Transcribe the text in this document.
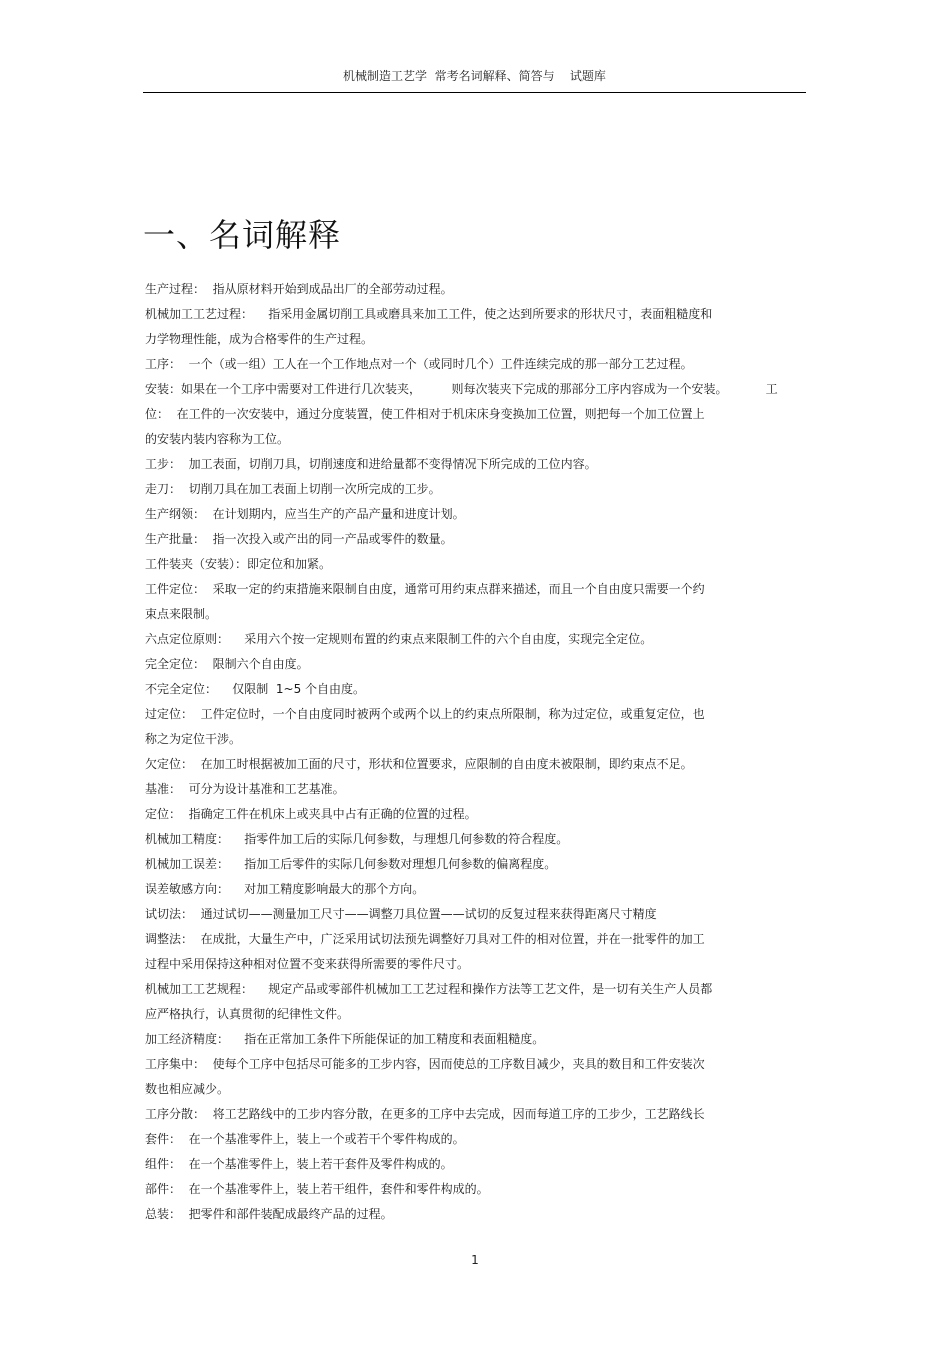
机械制造工艺学  常考名词解释、简答与    试题库
一、名词解释
生产过程：  指从原材料开始到成品出厂的全部劳动过程。
机械加工工艺过程：    指采用金属切削工具或磨具来加工工件，使之达到所要求的形状尺寸，表面粗糙度和
力学物理性能，成为合格零件的生产过程。
工序：  一个（或一组）工人在一个工作地点对一个（或同时几个）工件连续完成的那一部分工艺过程。
安装：如果在一个工序中需要对工件进行几次装夹，        则每次装夹下完成的那部分工序内容成为一个安装。          工
位：  在工件的一次安装中，通过分度装置，使工件相对于机床床身变换加工位置，则把每一个加工位置上
的安装内装内容称为工位。
工步：  加工表面，切削刀具，切削速度和进给量都不变得情况下所完成的工位内容。
走刀：  切削刀具在加工表面上切削一次所完成的工步。
生产纲领：  在计划期内，应当生产的产品产量和进度计划。
生产批量：  指一次投入或产出的同一产品或零件的数量。
工件装夹（安装）：即定位和加紧。
工件定位：  采取一定的约束措施来限制自由度，通常可用约束点群来描述，而且一个自由度只需要一个约
束点来限制。
六点定位原则：    采用六个按一定规则布置的约束点来限制工件的六个自由度，实现完全定位。
完全定位：  限制六个自由度。
不完全定位：    仅限制  1~5 个自由度。
过定位：  工件定位时，一个自由度同时被两个或两个以上的约束点所限制，称为过定位，或重复定位，也
称之为定位干涉。
欠定位：  在加工时根据被加工面的尺寸，形状和位置要求，应限制的自由度未被限制，即约束点不足。
基准：  可分为设计基准和工艺基准。
定位：  指确定工件在机床上或夹具中占有正确的位置的过程。
机械加工精度：    指零件加工后的实际几何参数，与理想几何参数的符合程度。
机械加工误差：    指加工后零件的实际几何参数对理想几何参数的偏离程度。
误差敏感方向：    对加工精度影响最大的那个方向。
试切法：  通过试切——测量加工尺寸——调整刀具位置——试切的反复过程来获得距离尺寸精度
调整法：  在成批，大量生产中，广泛采用试切法预先调整好刀具对工件的相对位置，并在一批零件的加工
过程中采用保持这种相对位置不变来获得所需要的零件尺寸。
机械加工工艺规程：    规定产品或零部件机械加工工艺过程和操作方法等工艺文件，是一切有关生产人员都
应严格执行，认真贯彻的纪律性文件。
加工经济精度：    指在正常加工条件下所能保证的加工精度和表面粗糙度。
工序集中：  使每个工序中包括尽可能多的工步内容，因而使总的工序数目减少，夹具的数目和工件安装次
数也相应减少。
工序分散：  将工艺路线中的工步内容分散，在更多的工序中去完成，因而每道工序的工步少，工艺路线长
套件：  在一个基准零件上，装上一个或若干个零件构成的。
组件：  在一个基准零件上，装上若干套件及零件构成的。
部件：  在一个基准零件上，装上若干组件，套件和零件构成的。
总装：  把零件和部件装配成最终产品的过程。
1
